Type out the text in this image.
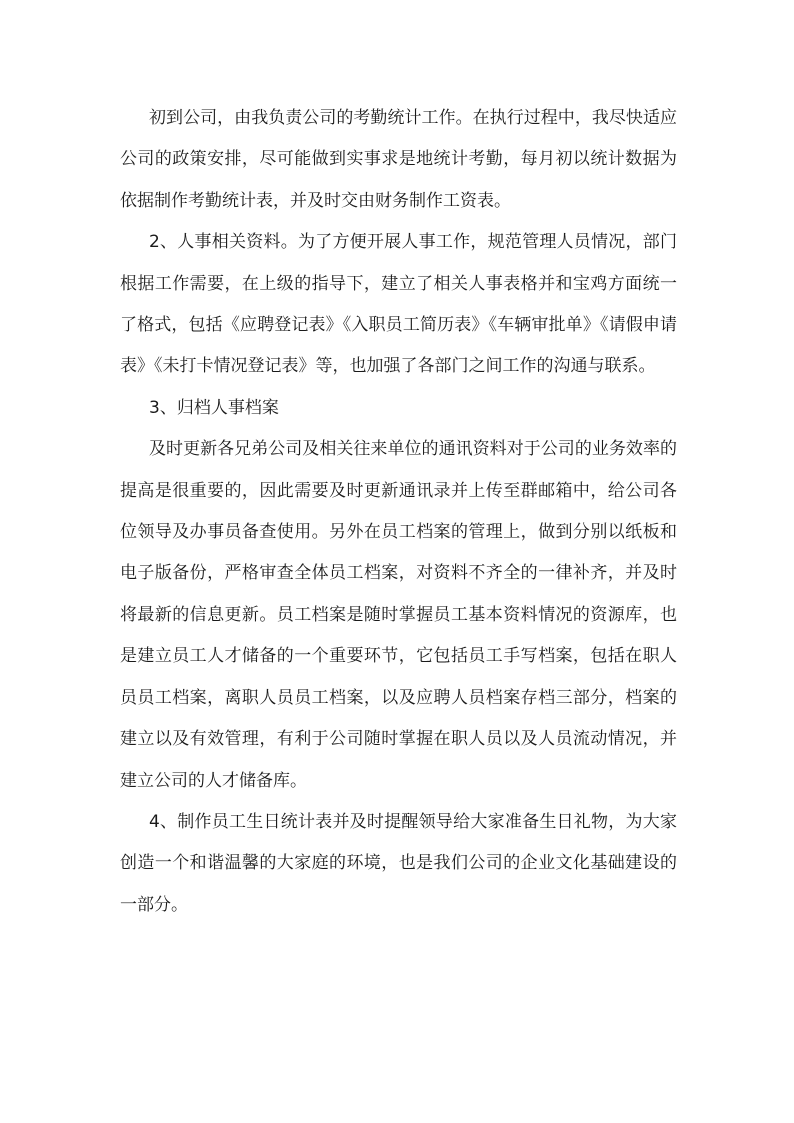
初到公司，由我负责公司的考勤统计工作。在执行过程中，我尽快适应公司的政策安排，尽可能做到实事求是地统计考勤，每月初以统计数据为依据制作考勤统计表，并及时交由财务制作工资表。

2、人事相关资料。为了方便开展人事工作，规范管理人员情况，部门根据工作需要，在上级的指导下，建立了相关人事表格并和宝鸡方面统一了格式，包括《应聘登记表》《入职员工简历表》《车辆审批单》《请假申请表》《未打卡情况登记表》等，也加强了各部门之间工作的沟通与联系。

3、归档人事档案

及时更新各兄弟公司及相关往来单位的通讯资料对于公司的业务效率的提高是很重要的，因此需要及时更新通讯录并上传至群邮箱中，给公司各位领导及办事员备查使用。另外在员工档案的管理上，做到分别以纸板和电子版备份，严格审查全体员工档案，对资料不齐全的一律补齐，并及时将最新的信息更新。员工档案是随时掌握员工基本资料情况的资源库，也是建立员工人才储备的一个重要环节，它包括员工手写档案，包括在职人员员工档案，离职人员员工档案，以及应聘人员档案存档三部分，档案的建立以及有效管理，有利于公司随时掌握在职人员以及人员流动情况，并建立公司的人才储备库。

4、制作员工生日统计表并及时提醒领导给大家准备生日礼物，为大家创造一个和谐温馨的大家庭的环境，也是我们公司的企业文化基础建设的一部分。
